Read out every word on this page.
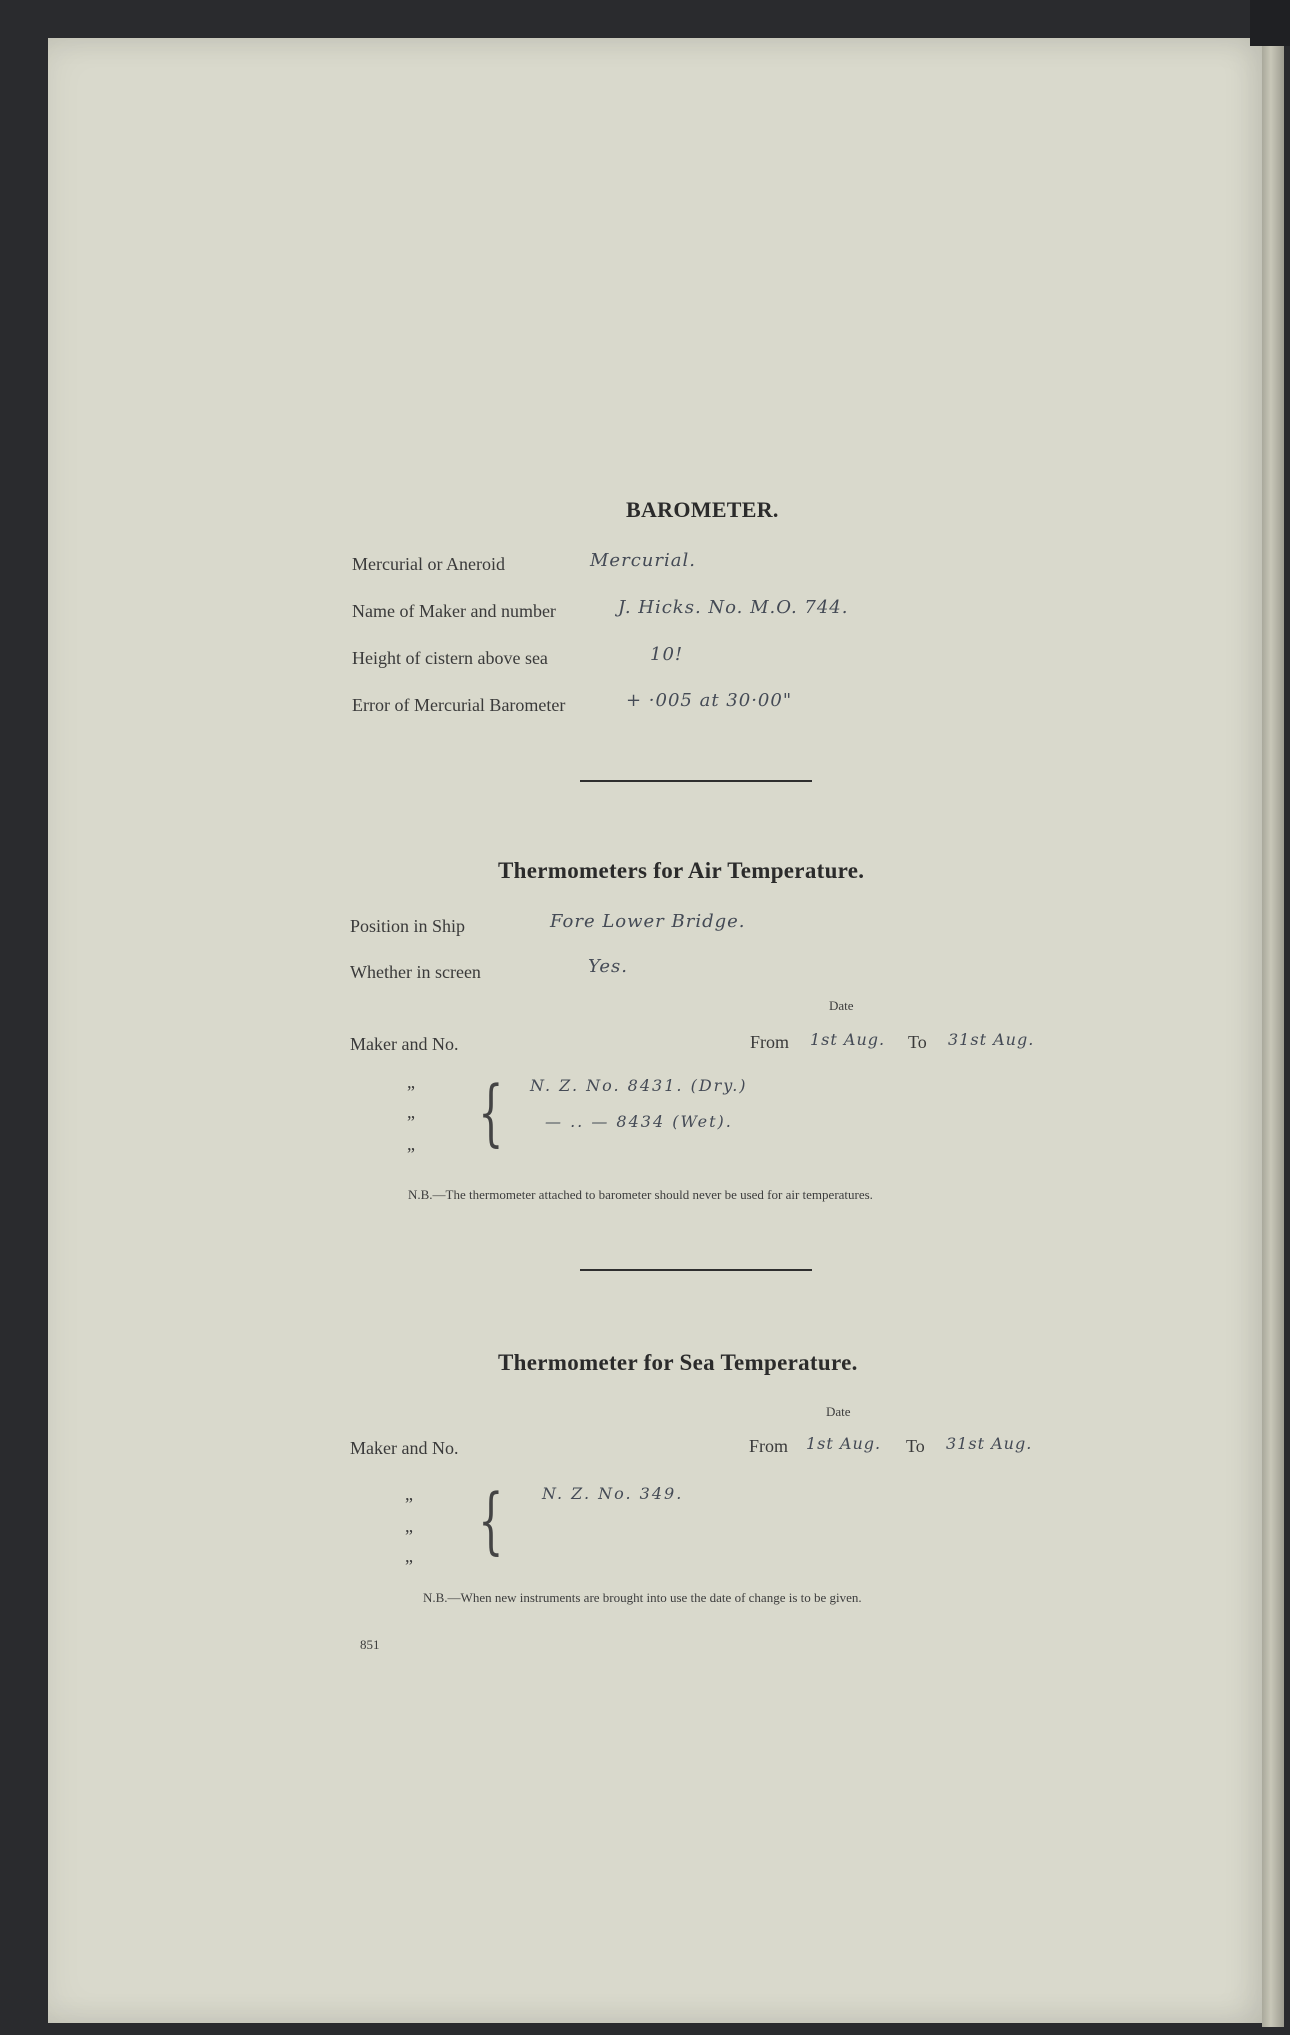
BAROMETER.
Mercurial or Aneroid	Mercurial.
Name of Maker and number	J. Hicks. No. M.O. 744.
Height of cistern above sea	10!
Error of Mercurial Barometer	+ ·005 at 30·00"
Thermometers for Air Temperature.
Position in Ship	Fore Lower Bridge.
Whether in screen	Yes.
Date
Maker and No.	From 1st Aug. To 31st Aug.
”
”
” { N. Z. No. 8431. (Dry.)
— .. — 8434 (Wet).
N.B.—The thermometer attached to barometer should never be used for air temperatures.
Thermometer for Sea Temperature.
Date
Maker and No.	From 1st Aug. To 31st Aug.
”
”
”
{ N. Z. No. 349.
N.B.—When new instruments are brought into use the date of change is to be given.
851
